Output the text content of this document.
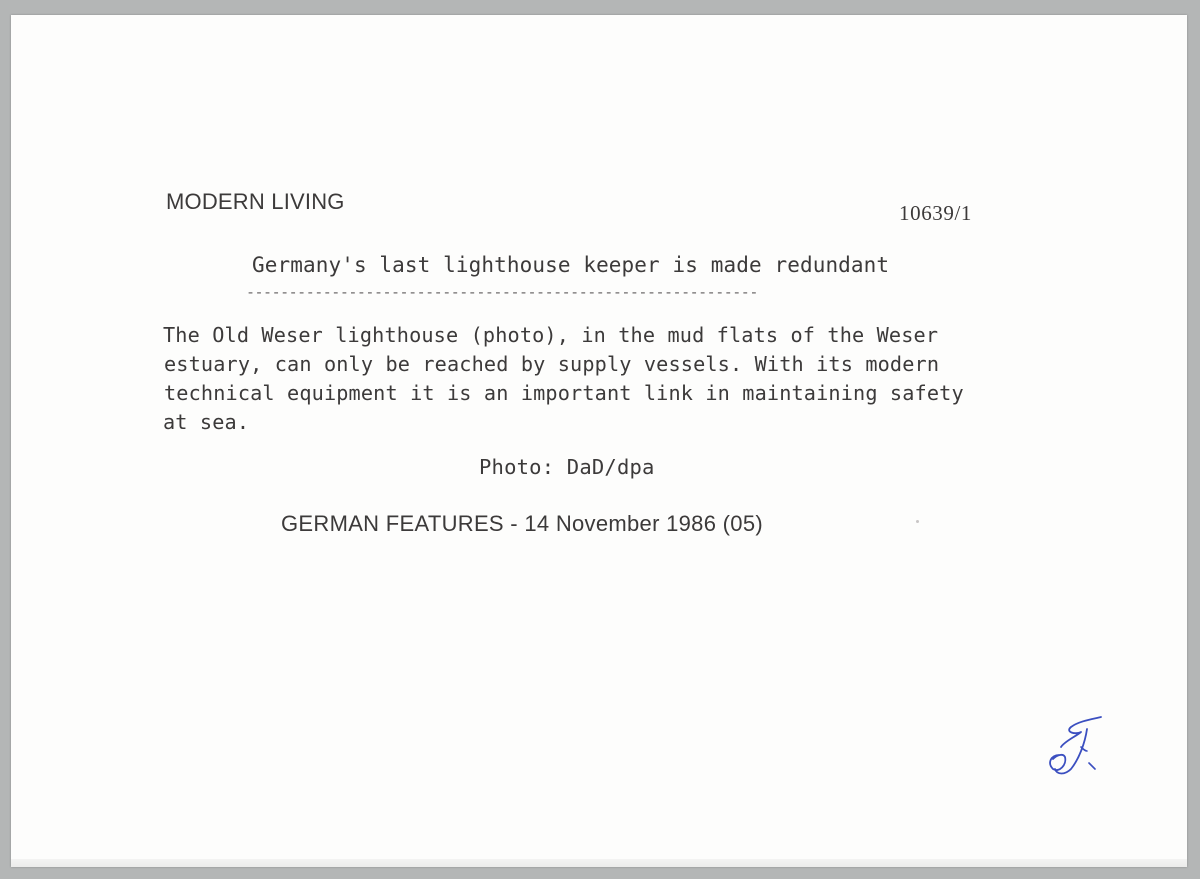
MODERN LIVING	10639/1
Germany's last lighthouse keeper is made redundant
------------------------------------------------------------
The Old Weser lighthouse (photo), in the mud flats of the Weser
estuary, can only be reached by supply vessels. With its modern
technical equipment it is an important link in maintaining safety
at sea.
Photo: DaD/dpa
GERMAN FEATURES - 14 November 1986 (05)
